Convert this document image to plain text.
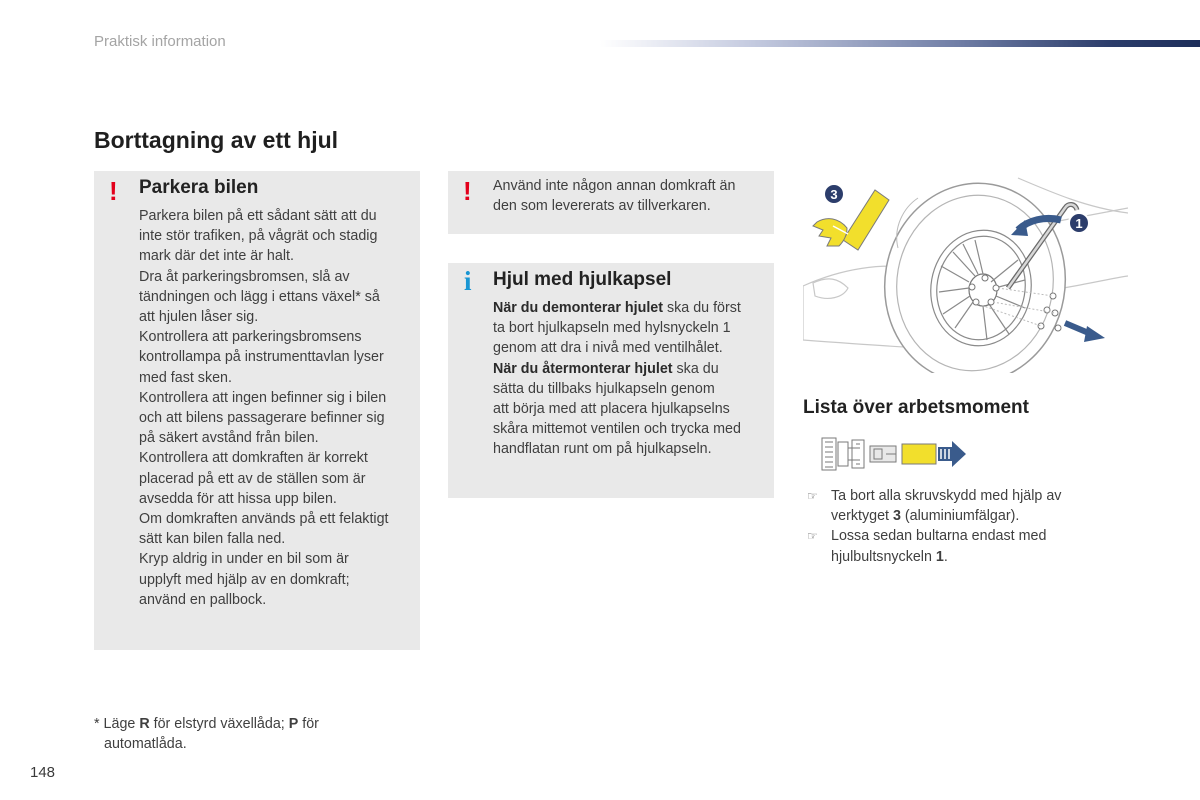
Praktisk information
Borttagning av ett hjul
! Parkera bilen

Parkera bilen på ett sådant sätt att du

inte stör trafiken, på vågrät och stadig

mark där det inte är halt.

Dra åt parkeringsbromsen, slå av

tändningen och lägg i ettans växel* så

att hjulen låser sig.

Kontrollera att parkeringsbromsens

kontrollampa på instrumenttavlan lyser

med fast sken.

Kontrollera att ingen befinner sig i bilen

och att bilens passagerare befinner sig

på säkert avstånd från bilen.

Kontrollera att domkraften är korrekt

placerad på ett av de ställen som är

avsedda för att hissa upp bilen.

Om domkraften används på ett felaktigt

sätt kan bilen falla ned.

Kryp aldrig in under en bil som är

upplyft med hjälp av en domkraft;

använd en pallbock.

! Använd inte någon annan domkraft än

den som levererats av tillverkaren.

i Hjul med hjulkapsel

När du demonterar hjulet ska du först

ta bort hjulkapseln med hylsnyckeln 1

genom att dra i nivå med ventilhålet.

När du återmonterar hjulet ska du

sätta du tillbaks hjulkapseln genom

att börja med att placera hjulkapselns

skåra mittemot ventilen och trycka med

handflatan runt om på hjulkapseln.

3
1
Lista över arbetsmoment
☞ Ta bort alla skruvskydd med hjälp av
verktyget 3 (aluminiumfälgar).
☞ Lossa sedan bultarna endast med
hjulbultsnyckeln 1.
* Läge R för elstyrd växellåda; P för
automatlåda.
148
